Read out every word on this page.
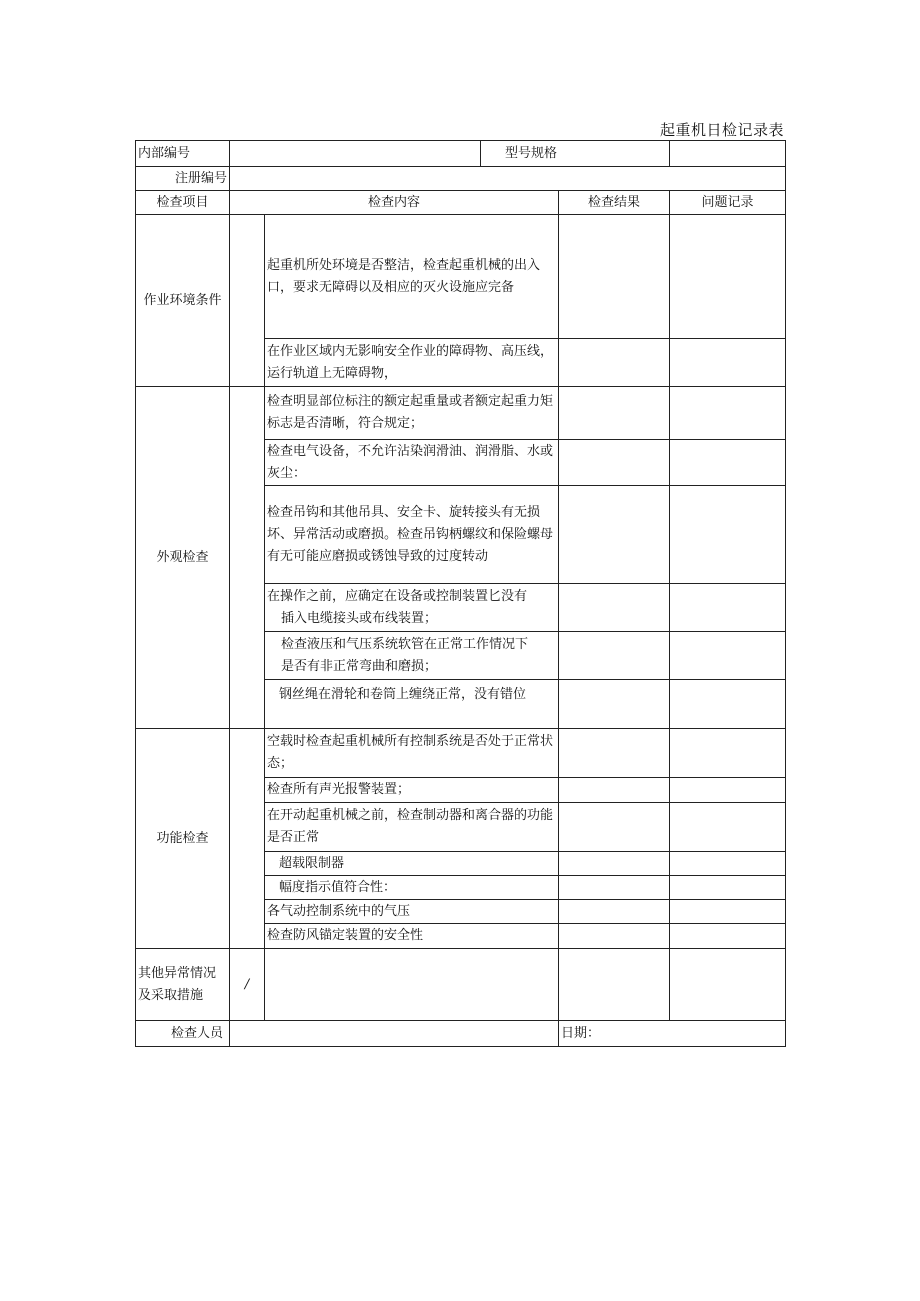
起重机日检记录表
内部编号			型号规格		
注册编号					
检查项目	检查内容			检查结果	问题记录
作业环境条件		起重机所处环境是否整洁，检查起重机械的出入口，要求无障碍以及相应的灭火设施应完备			
		在作业区域内无影响安全作业的障碍物、高压线，运行轨道上无障碍物，			
外观检查		检查明显部位标注的额定起重量或者额定起重力矩标志是否清晰，符合规定；			
		检查电气设备，不允许沾染润滑油、润滑脂、水或灰尘：			
		检查吊钩和其他吊具、安全卡、旋转接头有无损坏、异常活动或磨损。检查吊钩柄螺纹和保险螺母有无可能应磨损或锈蚀导致的过度转动			

		在操作之前，应确定在设备或控制装置匕没有
插入电缆接头或布线装置；			

		检查液压和气压系统软管在正常工作情况下
是否有非正常弯曲和磨损；			

		钢丝绳在滑轮和卷筒上缠绕正常，没有错位			
功能检查		空载时检查起重机械所有控制系统是否处于正常状态；			
		检查所有声光报警装置；			
		在开动起重机械之前，检查制动器和离合器的功能是否正常			
		超载限制器			
		幅度指示值符合性：			
		各气动控制系统中的气压			
		检查防风锚定装置的安全性			
其他异常情况及采取措施	/				
检查人员				日期：	
